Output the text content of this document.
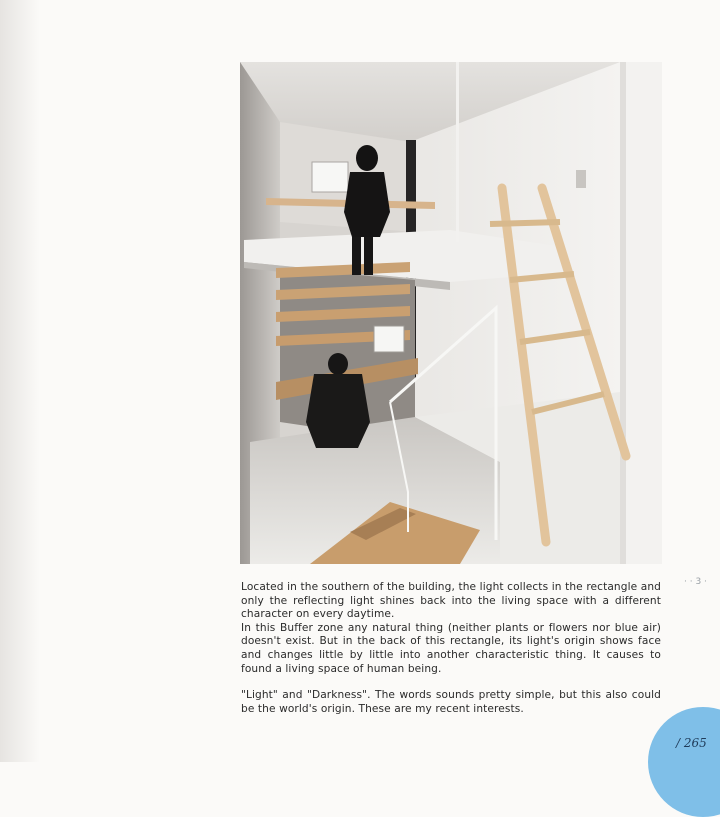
Located in the southern of the building, the light collects in the rectangle and only the reflecting light shines back into the living space with a different character on every daytime.

In this Buffer zone any natural thing (neither plants or flowers nor blue air) doesn't exist. But in the back of this rectangle, its light's origin shows face and changes little by little into another characteristic thing. It causes to found a living space of human being.

"Light" and "Darkness". The words sounds pretty simple, but this also could be the world's origin. These are my recent interests.

· · 3 ·
/ 265
